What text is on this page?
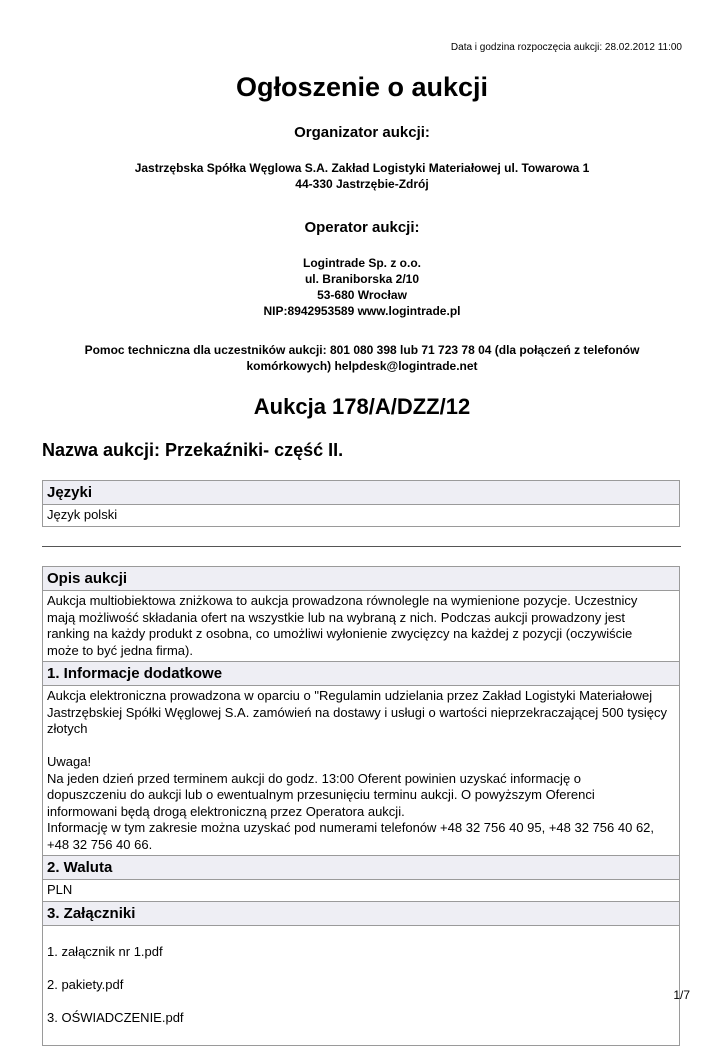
Data i godzina rozpoczęcia aukcji: 28.02.2012 11:00
Ogłoszenie o aukcji
Organizator aukcji:
Jastrzębska Spółka Węglowa S.A. Zakład Logistyki Materiałowej ul. Towarowa 1
44-330 Jastrzębie-Zdrój
Operator aukcji:
Logintrade Sp. z o.o.
ul. Braniborska 2/10
53-680 Wrocław
NIP:8942953589 www.logintrade.pl
Pomoc techniczna dla uczestników aukcji: 801 080 398 lub 71 723 78 04 (dla połączeń z telefonów
komórkowych) helpdesk@logintrade.net
Aukcja 178/A/DZZ/12
Nazwa aukcji: Przekaźniki- część II.
Języki
Język polski
Opis aukcji
Aukcja multiobiektowa zniżkowa to aukcja prowadzona równolegle na wymienione pozycje. Uczestnicy
mają możliwość składania ofert na wszystkie lub na wybraną z nich. Podczas aukcji prowadzony jest
ranking na każdy produkt z osobna, co umożliwi wyłonienie zwycięzcy na każdej z pozycji (oczywiście
może to być jedna firma).
1. Informacje dodatkowe
Aukcja elektroniczna prowadzona w oparciu o "Regulamin udzielania przez Zakład Logistyki Materiałowej
Jastrzębskiej Spółki Węglowej S.A. zamówień na dostawy i usługi o wartości nieprzekraczającej 500 tysięcy
złotych

Uwaga!
Na jeden dzień przed terminem aukcji do godz. 13:00 Oferent powinien uzyskać informację o
dopuszczeniu do aukcji lub o ewentualnym przesunięciu terminu aukcji. O powyższym Oferenci
informowani będą drogą elektroniczną przez Operatora aukcji.
Informację w tym zakresie można uzyskać pod numerami telefonów +48 32 756 40 95, +48 32 756 40 62,
+48 32 756 40 66.
2. Waluta
PLN
3. Załączniki

1. załącznik nr 1.pdf

2. pakiety.pdf

3. OŚWIADCZENIE.pdf

1/7
